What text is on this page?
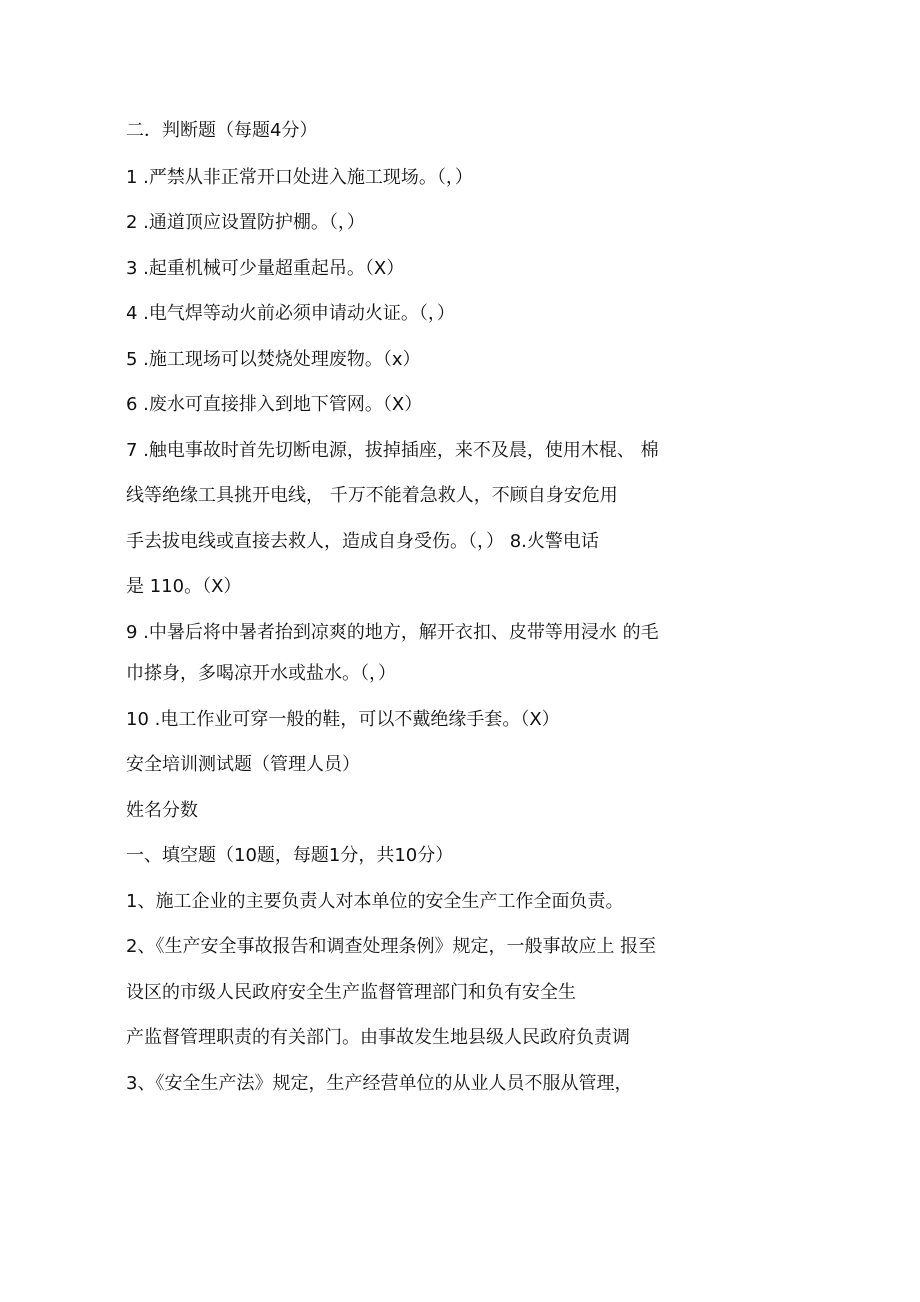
二．判断题（每题4分）
1 .严禁从非正常开口处进入施工现场。（，）
2 .通道顶应设置防护棚。（，）
3 .起重机械可少量超重起吊。（X）
4 .电气焊等动火前必须申请动火证。（，）
5 .施工现场可以焚烧处理废物。（x）
6 .废水可直接排入到地下管网。（X）
7 .触电事故时首先切断电源，拔掉插座，来不及晨，使用木棍、 棉
线等绝缘工具挑开电线， 千万不能着急救人，不顾自身安危用
手去拔电线或直接去救人，造成自身受伤。（，） 8.火警电话
是 110。（X）
9 .中暑后将中暑者抬到凉爽的地方，解开衣扣、皮带等用浸水 的毛
巾搽身，多喝凉开水或盐水。（，）
10 .电工作业可穿一般的鞋，可以不戴绝缘手套。（X）
安全培训测试题（管理人员）
姓名分数
一、填空题（10题，每题1分，共10分）
1、施工企业的主要负责人对本单位的安全生产工作全面负责。
2、《生产安全事故报告和调查处理条例》规定，一般事故应上 报至
设区的市级人民政府安全生产监督管理部门和负有安全生
产监督管理职责的有关部门。由事故发生地县级人民政府负责调
3、《安全生产法》规定，生产经营单位的从业人员不服从管理，
